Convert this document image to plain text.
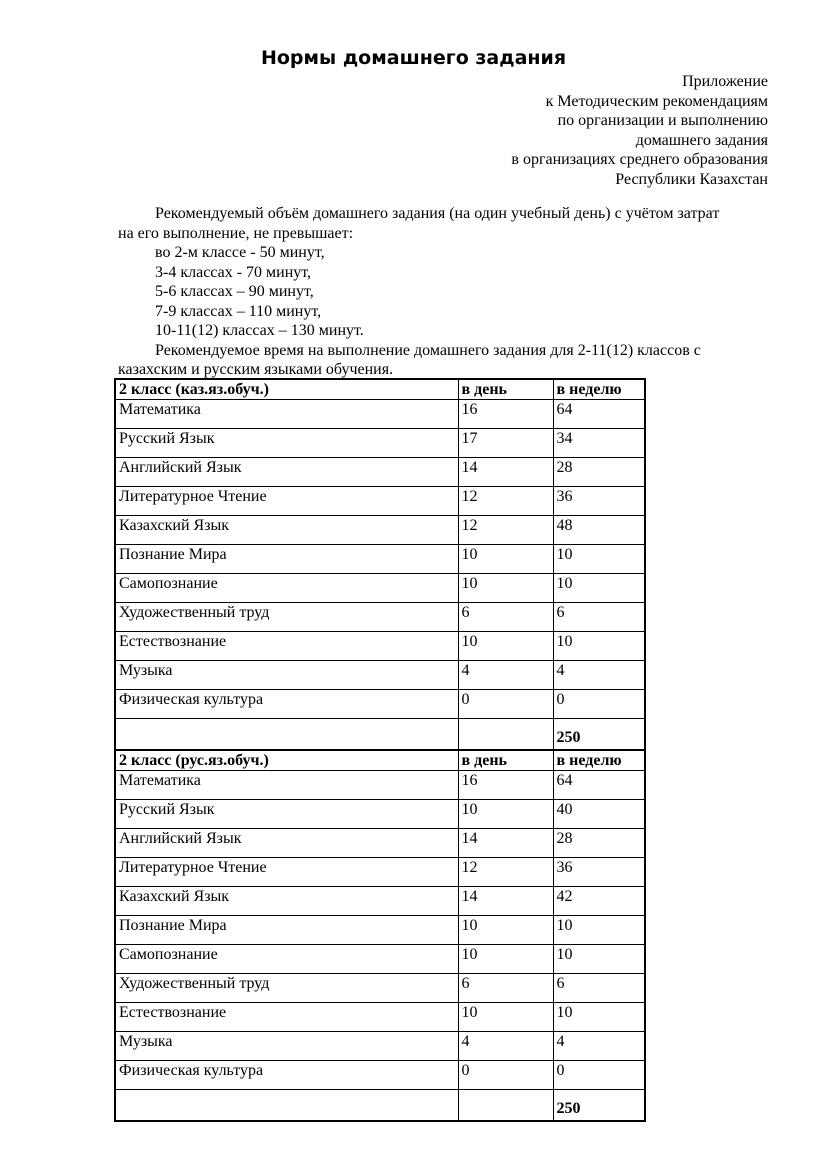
Нормы домашнего задания
Приложение
к Методическим рекомендациям
по организации и выполнению
домашнего задания
в организациях среднего образования
Республики Казахстан
Рекомендуемый объём домашнего задания (на один учебный день) с учётом затрат
на его выполнение, не превышает:
во 2-м классе - 50 минут,
3-4 классах - 70 минут,
5-6 классах – 90 минут,
7-9 классах – 110 минут,
10-11(12) классах – 130 минут.
Рекомендуемое время на выполнение домашнего задания для 2-11(12) классов с
казахским и русским языками обучения.
2 класс (каз.яз.обуч.)	в день	в неделю
Математика	16	64
Русский Язык	17	34
Английский Язык	14	28
Литературное Чтение	12	36
Казахский Язык	12	48
Познание Мира	10	10
Самопознание	10	10
Художественный труд	6	6
Естествознание	10	10
Музыка	4	4
Физическая культура	0	0
		250
2 класс (рус.яз.обуч.)	в день	в неделю
Математика	16	64
Русский Язык	10	40
Английский Язык	14	28
Литературное Чтение	12	36
Казахский Язык	14	42
Познание Мира	10	10
Самопознание	10	10
Художественный труд	6	6
Естествознание	10	10
Музыка	4	4
Физическая культура	0	0
		250
